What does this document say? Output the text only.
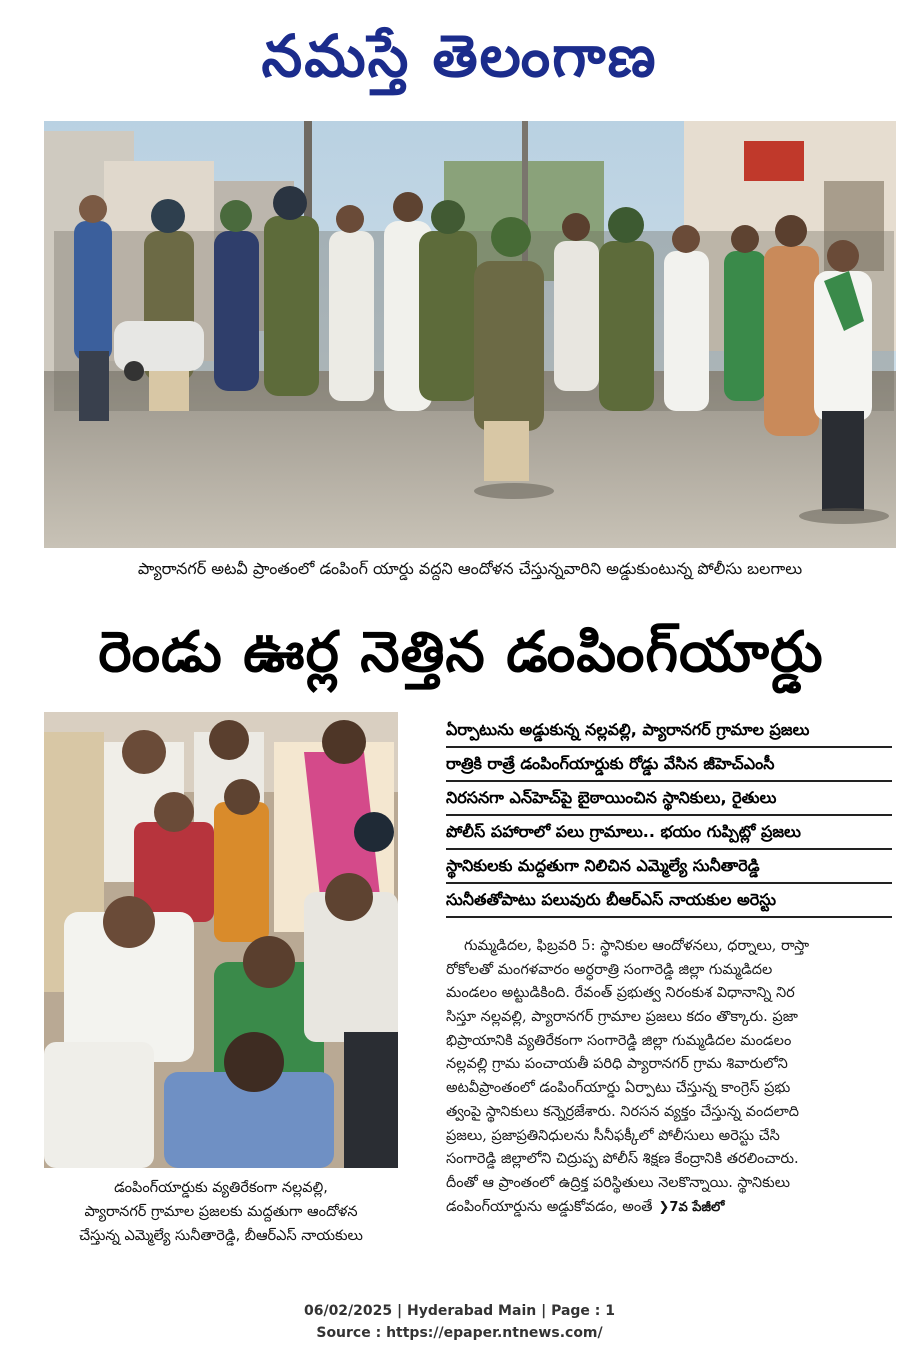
నమస్తే తెలంగాణ
ప్యారానగర్ అటవీ ప్రాంతంలో డంపింగ్ యార్డు వద్దని ఆందోళన చేస్తున్నవారిని అడ్డుకుంటున్న పోలీసు బలగాలు
రెండు ఊర్ల నెత్తిన డంపింగ్‌యార్డు
ఏర్పాటును అడ్డుకున్న నల్లవల్లి, ప్యారానగర్ గ్రామాల ప్రజలు
రాత్రికి రాత్రే డంపింగ్‌యార్డుకు రోడ్డు వేసిన జీహెచ్‌ఎంసీ
నిరసనగా ఎన్‌హెచ్‌పై బైఠాయించిన స్థానికులు, రైతులు
పోలీస్ పహారాలో పలు గ్రామాలు.. భయం గుప్పిట్లో ప్రజలు
స్థానికులకు మద్దతుగా నిలిచిన ఎమ్మెల్యే సునీతారెడ్డి
సునీతతోపాటు పలువురు బీఆర్‌ఎస్ నాయకుల అరెస్టు
గుమ్మడిదల, ఫిబ్రవరి 5: స్థానికుల ఆందోళనలు, ధర్నాలు, రాస్తా
రోకోలతో మంగళవారం అర్ధరాత్రి సంగారెడ్డి జిల్లా గుమ్మడిదల
మండలం అట్టుడికింది. రేవంత్ ప్రభుత్వ నిరంకుశ విధానాన్ని నిర
సిస్తూ నల్లవల్లి, ప్యారానగర్ గ్రామాల ప్రజలు కదం తొక్కారు. ప్రజా
భిప్రాయానికి వ్యతిరేకంగా సంగారెడ్డి జిల్లా గుమ్మడిదల మండలం
నల్లవల్లి గ్రామ పంచాయతీ పరిధి ప్యారానగర్ గ్రామ శివారులోని
అటవీప్రాంతంలో డంపింగ్‌యార్డు ఏర్పాటు చేస్తున్న కాంగ్రెస్ ప్రభు
త్వంపై స్థానికులు కన్నెర్రజేశారు. నిరసన వ్యక్తం చేస్తున్న వందలాది
ప్రజలు, ప్రజాప్రతినిధులను సీనీఫక్కీలో పోలీసులు అరెస్టు చేసి
సంగారెడ్డి జిల్లాలోని చిద్రుప్ప పోలీస్ శిక్షణ కేంద్రానికి తరలించారు.
దీంతో ఆ ప్రాంతంలో ఉద్రిక్త పరిస్థితులు నెలకొన్నాయి. స్థానికులు
డంపింగ్‌యార్డును అడ్డుకోవడం, అంతే ❯7వ పేజీలో
డంపింగ్‌యార్డుకు వ్యతిరేకంగా నల్లవల్లి,
ప్యారానగర్ గ్రామాల ప్రజలకు మద్దతుగా ఆందోళన
చేస్తున్న ఎమ్మెల్యే సునీతారెడ్డి, బీఆర్‌ఎస్ నాయకులు
06/02/2025 | Hyderabad Main | Page : 1
Source : https://epaper.ntnews.com/
